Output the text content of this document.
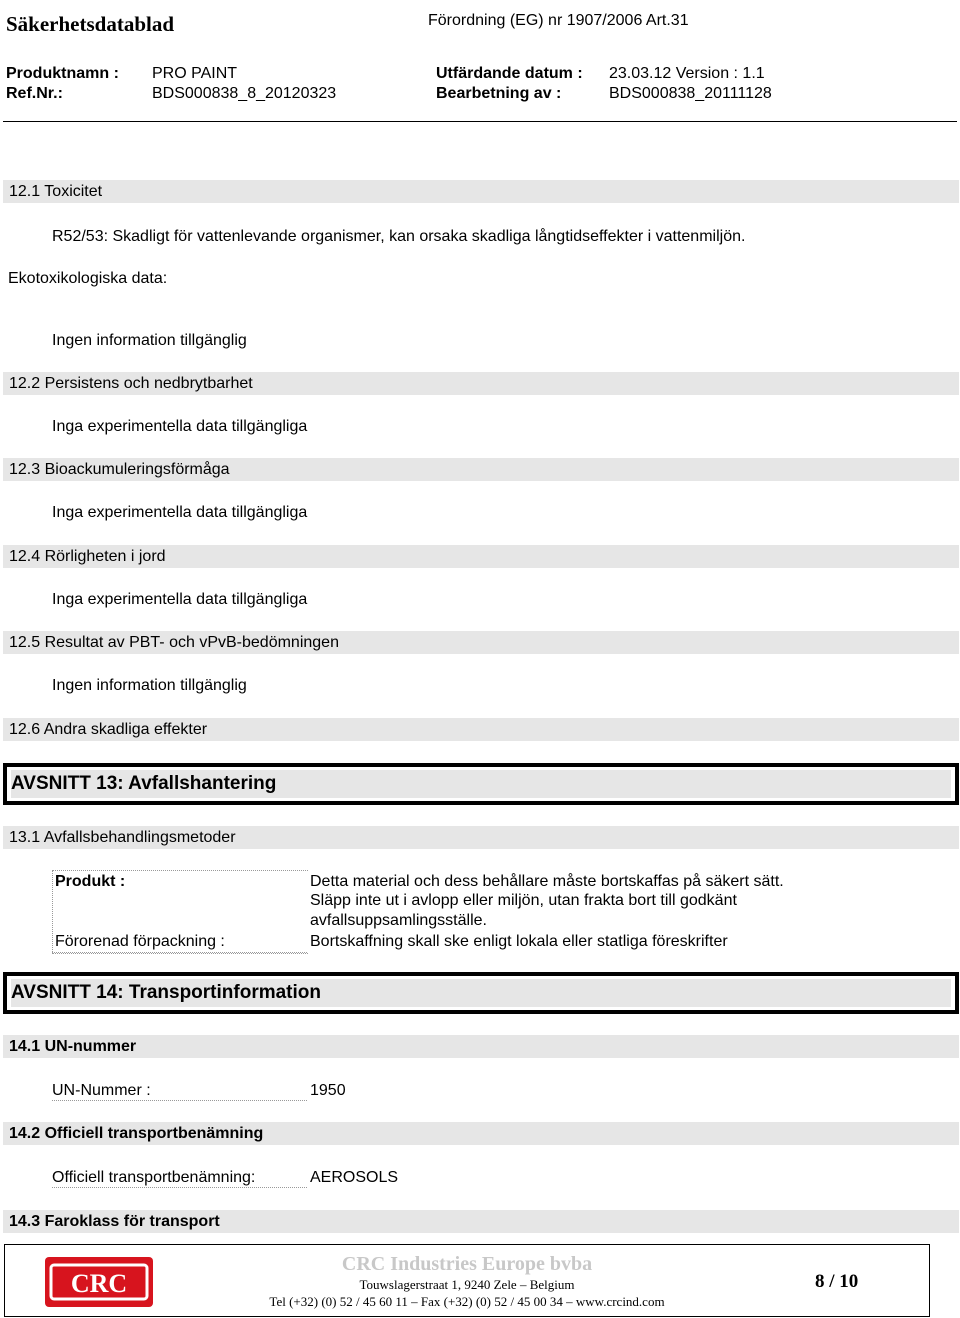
Säkerhetsdatablad	Förordning (EG) nr 1907/2006 Art.31
Produktnamn : PRO PAINT	Utfärdande datum : 23.03.12 Version : 1.1
Ref.Nr.:	BDS000838_8_20120323	Bearbetning av :	BDS000838_20111128
12.1 Toxicitet
R52/53: Skadligt för vattenlevande organismer, kan orsaka skadliga långtidseffekter i vattenmiljön.
Ekotoxikologiska data:
Ingen information tillgänglig
12.2 Persistens och nedbrytbarhet
Inga experimentella data tillgängliga
12.3 Bioackumuleringsförmåga
Inga experimentella data tillgängliga
12.4 Rörligheten i jord
Inga experimentella data tillgängliga
12.5 Resultat av PBT- och vPvB-bedömningen
Ingen information tillgänglig
12.6 Andra skadliga effekter
AVSNITT 13: Avfallshantering
13.1 Avfallsbehandlingsmetoder
Produkt :	Detta material och dess behållare måste bortskaffas på säkert sätt.
Släpp inte ut i avlopp eller miljön, utan frakta bort till godkänt
avfallsuppsamlingsställe.
Förorenad förpackning :	Bortskaffning skall ske enligt lokala eller statliga föreskrifter
AVSNITT 14: Transportinformation
14.1 UN-nummer
UN-Nummer :	1950
14.2 Officiell transportbenämning
Officiell transportbenämning:	AEROSOLS
14.3 Faroklass för transport
CRC
CRC Industries Europe bvba
Touwslagerstraat 1, 9240 Zele – Belgium
Tel (+32) (0) 52 / 45 60 11 – Fax (+32) (0) 52 / 45 00 34 – www.crcind.com
8 / 10
